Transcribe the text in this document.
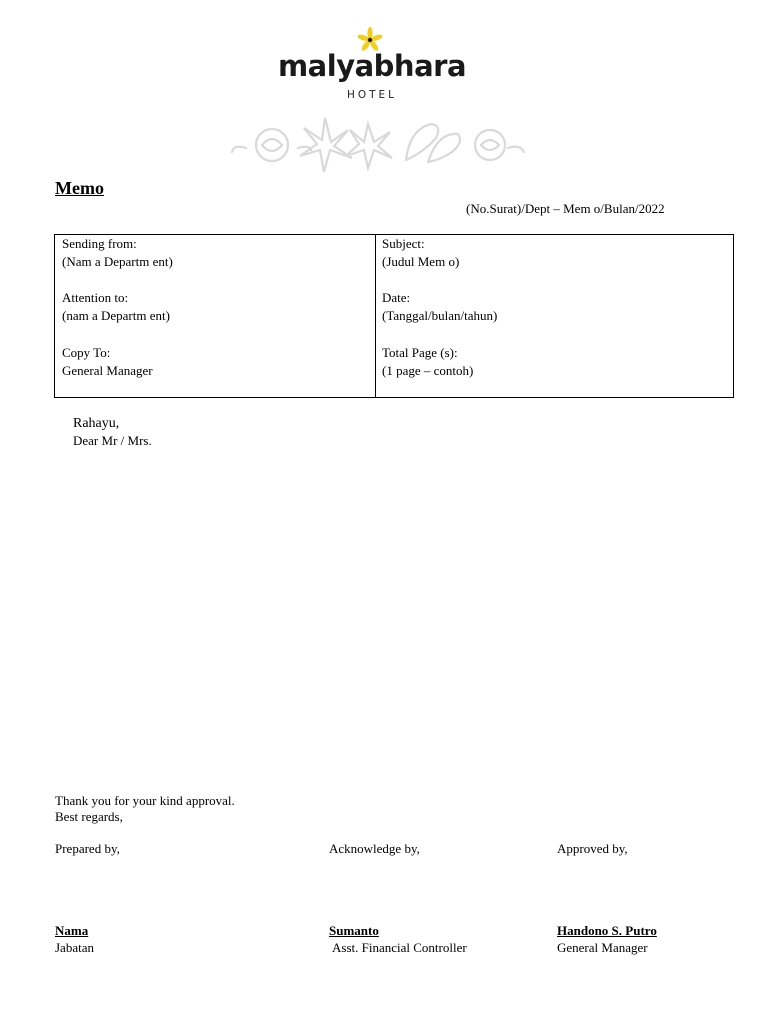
malyabhara
HOTEL
Memo
(No.Surat)/Dept – Mem o/Bulan/2022
Sending from:
(Nam a Departm ent)
Attention to:
(nam a Departm ent)
Copy To:
General Manager
Subject:
(Judul Mem o)
Date:
(Tanggal/bulan/tahun)
Total Page (s):
(1 page – contoh)
Rahayu,
Dear Mr / Mrs.
Thank you for your kind approval.
Best regards,
Prepared by,	Acknowledge by,	Approved by,
Nama	Sumanto	Handono S. Putro
Jabatan	Asst. Financial Controller	General Manager
